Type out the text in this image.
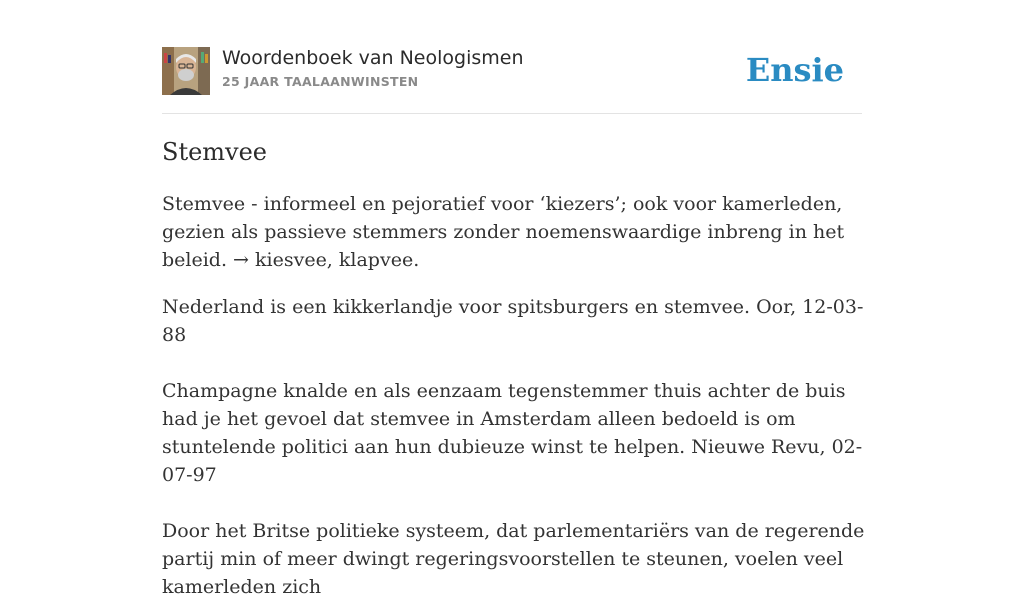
Woordenboek van Neologismen
25 JAAR TAALAANWINSTEN	Ensie
Stemvee

Stemvee - informeel en pejoratief voor ‘kiezers’; ook voor kamerleden, gezien als passieve stemmers zonder noemenswaardige inbreng in het beleid. → kiesvee, klapvee.

Nederland is een kikkerlandje voor spitsburgers en stemvee. Oor, 12-03-88
Champagne knalde en als eenzaam tegenstemmer thuis achter de buis had je het gevoel dat stemvee in Amsterdam alleen bedoeld is om stuntelende politici aan hun dubieuze winst te helpen. Nieuwe Revu, 02-07-97
Door het Britse politieke systeem, dat parlementariërs van de regerende partij min of meer dwingt regeringsvoorstellen te steunen, voelen veel kamerleden zich
